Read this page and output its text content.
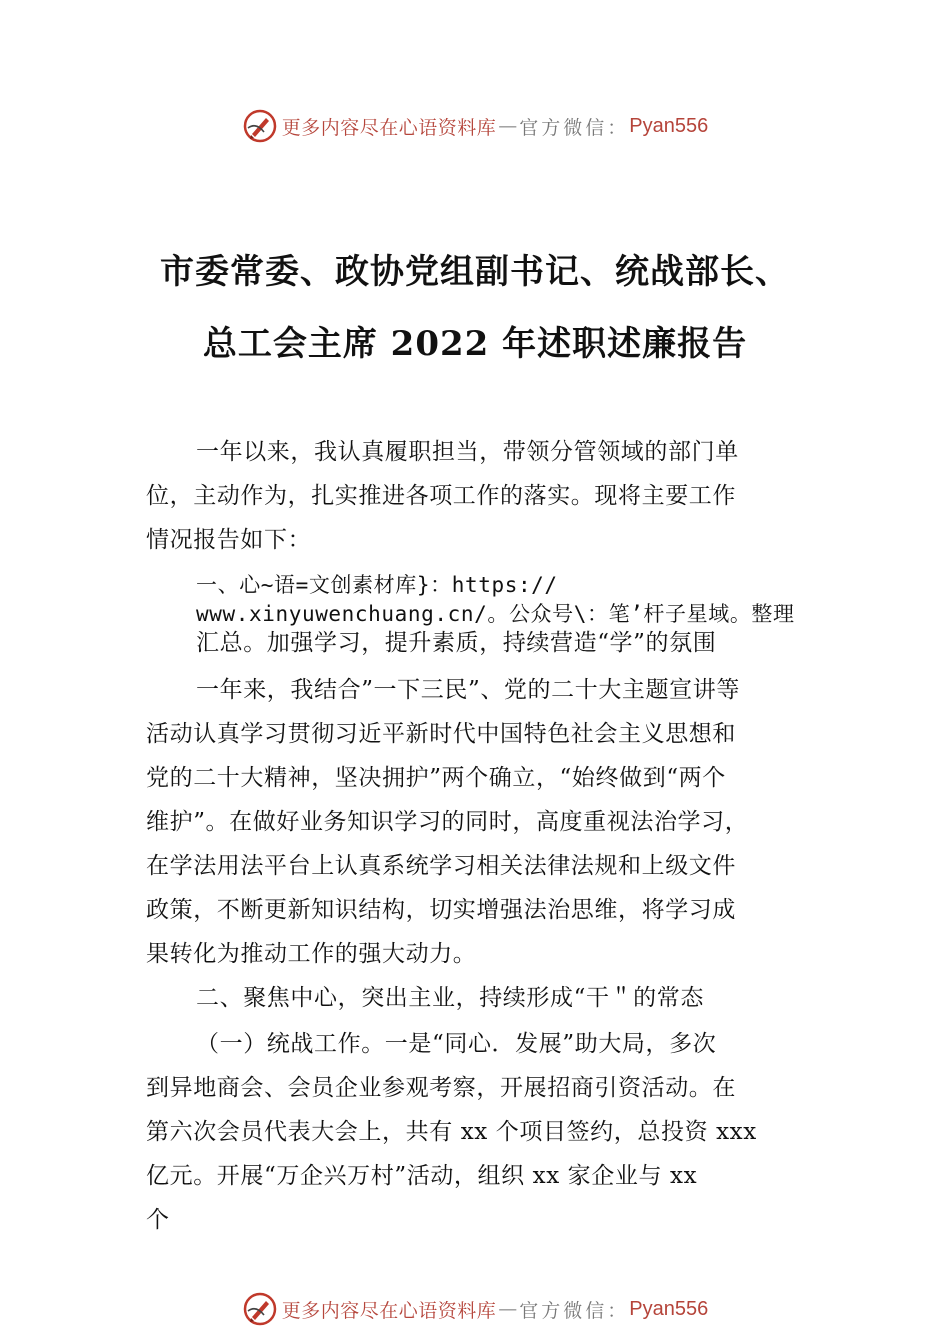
更多内容尽在心语资料库 — 官方微信： Pyan556
市委常委、政协党组副书记、统战部长、
总工会主席 2022 年述职述廉报告
一年以来，我认真履职担当，带领分管领域的部门单
位，主动作为，扎实推进各项工作的落实。现将主要工作
情况报告如下：
一、心~语=文创素材库}：https://
www.xinyuwenchuang.cn/。公众号\：笔’杆子星域。整理
汇总。加强学习，提升素质，持续营造“学”的氛围
一年来，我结合”一下三民”、党的二十大主题宣讲等
活动认真学习贯彻习近平新时代中国特色社会主义思想和
党的二十大精神，坚决拥护”两个确立，“始终做到“两个
维护”。在做好业务知识学习的同时，高度重视法治学习，
在学法用法平台上认真系统学习相关法律法规和上级文件
政策，不断更新知识结构，切实增强法治思维，将学习成
果转化为推动工作的强大动力。
二、聚焦中心，突出主业，持续形成“干＂的常态
（一）统战工作。一是“同心．发展”助大局，多次
到异地商会、会员企业参观考察，开展招商引资活动。在
第六次会员代表大会上，共有 xx 个项目签约，总投资 xxx
亿元。开展“万企兴万村”活动，组织 xx 家企业与 xx
个
更多内容尽在心语资料库 — 官方微信： Pyan556
